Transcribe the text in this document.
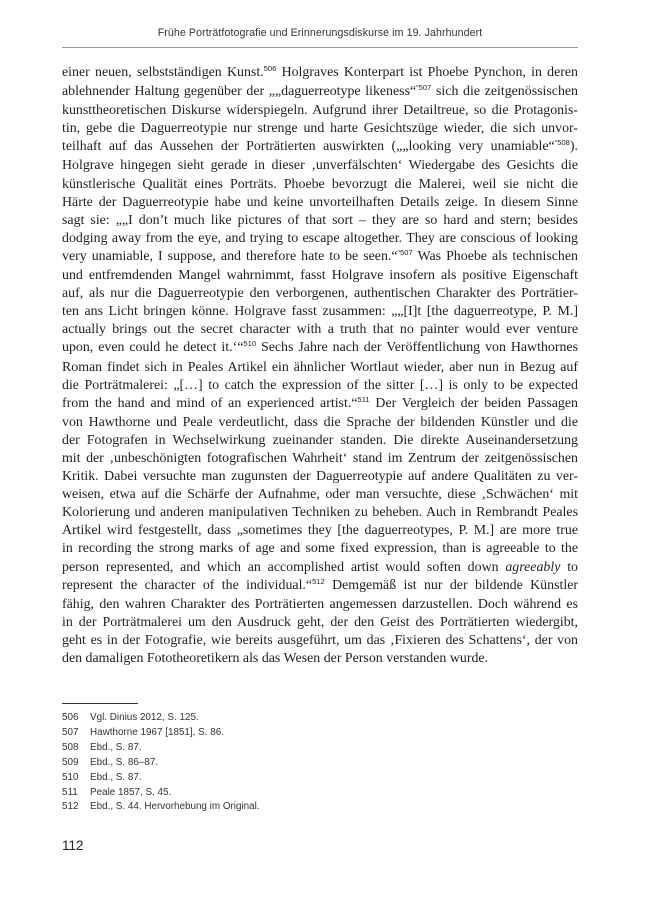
Frühe Porträtfotografie und Erinnerungsdiskurse im 19. Jahrhundert
einer neuen, selbstständigen Kunst.$^{506}$ Holgraves Konterpart ist Phoebe Pynchon, in deren
ablehnender Haltung gegenüber der „„daguerreotype likeness“$^{“507}$ sich die zeitgenössischen
kunsttheoretischen Diskurse widerspiegeln. Aufgrund ihrer Detailtreue, so die Protagonis-
tin, gebe die Daguerreotypie nur strenge und harte Gesichtszüge wieder, die sich unvor-
teilhaft auf das Aussehen der Porträtierten auswirkten („„looking very unamiable“$^{“508}$).
Holgrave hingegen sieht gerade in dieser ‚unverfälschten‘ Wiedergabe des Gesichts die
künstlerische Qualität eines Porträts. Phoebe bevorzugt die Malerei, weil sie nicht die
Härte der Daguerreotypie habe und keine unvorteilhaften Details zeige. In diesem Sinne
sagt sie: „„I don’t much like pictures of that sort – they are so hard and stern; besides
dodging away from the eye, and trying to escape altogether. They are conscious of looking
very unamiable, I suppose, and therefore hate to be seen.“$^{“507}$ Was Phoebe als technischen
und entfremdenden Mangel wahrnimmt, fasst Holgrave insofern als positive Eigenschaft
auf, als nur die Daguerreotypie den verborgenen, authentischen Charakter des Porträtier-
ten ans Licht bringen könne. Holgrave fasst zusammen: „„[I]t [the daguerreotype, P. M.]
actually brings out the secret character with a truth that no painter would ever venture
upon, even could he detect it.‘“$^{510}$ Sechs Jahre nach der Veröffentlichung von Hawthornes
Roman findet sich in Peales Artikel ein ähnlicher Wortlaut wieder, aber nun in Bezug auf
die Porträtmalerei: „[…] to catch the expression of the sitter […] is only to be expected
from the hand and mind of an experienced artist.“$^{511}$ Der Vergleich der beiden Passagen
von Hawthorne und Peale verdeutlicht, dass die Sprache der bildenden Künstler und die
der Fotografen in Wechselwirkung zueinander standen. Die direkte Auseinandersetzung
mit der ‚unbeschönigten fotografischen Wahrheit‘ stand im Zentrum der zeitgenössischen
Kritik. Dabei versuchte man zugunsten der Daguerreotypie auf andere Qualitäten zu ver-
weisen, etwa auf die Schärfe der Aufnahme, oder man versuchte, diese ‚Schwächen‘ mit
Kolorierung und anderen manipulativen Techniken zu beheben. Auch in Rembrandt Peales
Artikel wird festgestellt, dass „sometimes they [the daguerreotypes, P. M.] are more true
in recording the strong marks of age and some fixed expression, than is agreeable to the
person represented, and which an accomplished artist would soften down agreeably to
represent the character of the individual.“$^{512}$ Demgemäß ist nur der bildende Künstler
fähig, den wahren Charakter des Porträtierten angemessen darzustellen. Doch während es
in der Porträtmalerei um den Ausdruck geht, der den Geist des Porträtierten wiedergibt,
geht es in der Fotografie, wie bereits ausgeführt, um das ‚Fixieren des Schattens‘, der von
den damaligen Fototheoretikern als das Wesen der Person verstanden wurde.
506	Vgl. Dinius 2012, S. 125.
507	Hawthorne 1967 [1851], S. 86.
508	Ebd., S. 87.
509	Ebd., S. 86–87.
510	Ebd., S. 87.
511	Peale 1857, S. 45.
512	Ebd., S. 44. Hervorhebung im Original.
112
